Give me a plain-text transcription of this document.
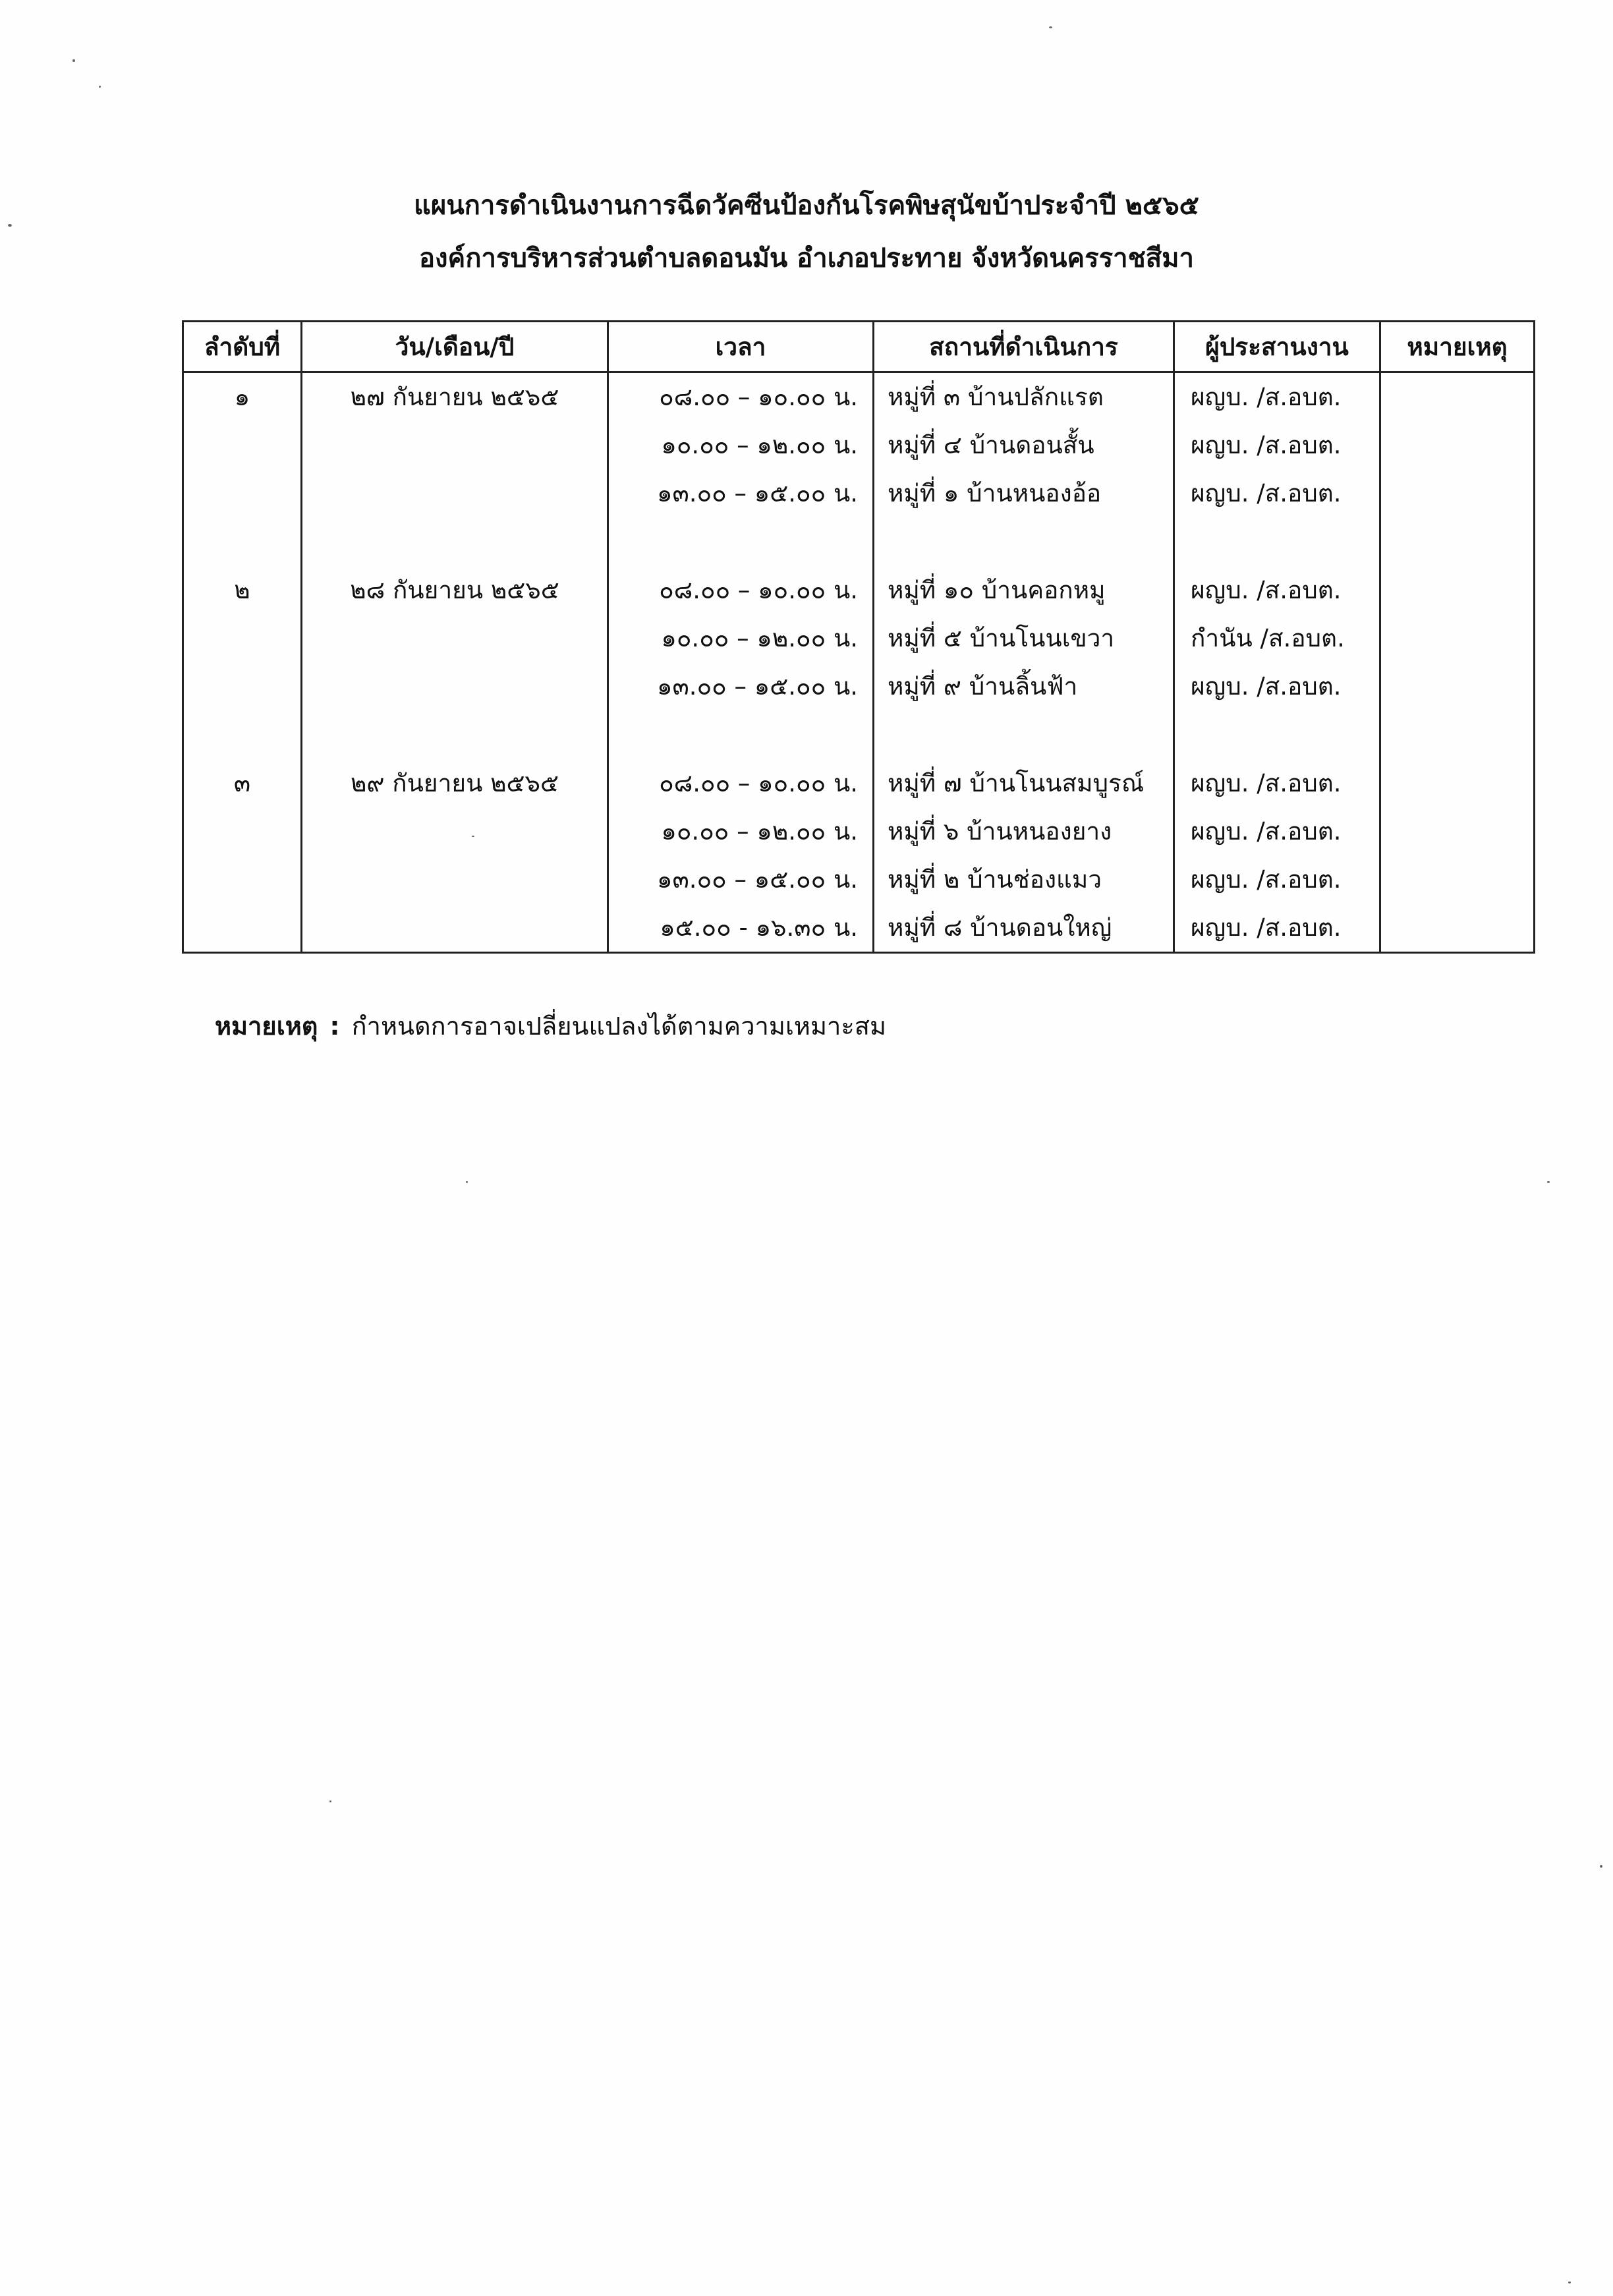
แผนการดำเนินงานการฉีดวัคซีนป้องกันโรคพิษสุนัขบ้าประจำปี ๒๕๖๕
องค์การบริหารส่วนตำบลดอนมัน อำเภอประทาย จังหวัดนครราชสีมา
ลำดับที่	วัน/เดือน/ปี	เวลา	สถานที่ดำเนินการ	ผู้ประสานงาน	หมายเหตุ
๑	๒๗ กันยายน ๒๕๖๕	๐๘.๐๐ – ๑๐.๐๐ น.	หมู่ที่ ๓ บ้านปลักแรต	ผญบ. /ส.อบต.	
		๑๐.๐๐ – ๑๒.๐๐ น.	หมู่ที่ ๔ บ้านดอนสั้น	ผญบ. /ส.อบต.	
		๑๓.๐๐ – ๑๕.๐๐ น.	หมู่ที่ ๑ บ้านหนองอ้อ	ผญบ. /ส.อบต.	

๒	๒๘ กันยายน ๒๕๖๕	๐๘.๐๐ – ๑๐.๐๐ น.	หมู่ที่ ๑๐ บ้านคอกหมู	ผญบ. /ส.อบต.	
		๑๐.๐๐ – ๑๒.๐๐ น.	หมู่ที่ ๕ บ้านโนนเขวา	กำนัน /ส.อบต.	
		๑๓.๐๐ – ๑๕.๐๐ น.	หมู่ที่ ๙ บ้านลิ้นฟ้า	ผญบ. /ส.อบต.	

๓	๒๙ กันยายน ๒๕๖๕	๐๘.๐๐ – ๑๐.๐๐ น.	หมู่ที่ ๗ บ้านโนนสมบูรณ์	ผญบ. /ส.อบต.	
		๑๐.๐๐ – ๑๒.๐๐ น.	หมู่ที่ ๖ บ้านหนองยาง	ผญบ. /ส.อบต.	
		๑๓.๐๐ – ๑๕.๐๐ น.	หมู่ที่ ๒ บ้านช่องแมว	ผญบ. /ส.อบต.	
		๑๕.๐๐ - ๑๖.๓๐ น.	หมู่ที่ ๘ บ้านดอนใหญ่	ผญบ. /ส.อบต.	
หมายเหตุ : กำหนดการอาจเปลี่ยนแปลงได้ตามความเหมาะสม
